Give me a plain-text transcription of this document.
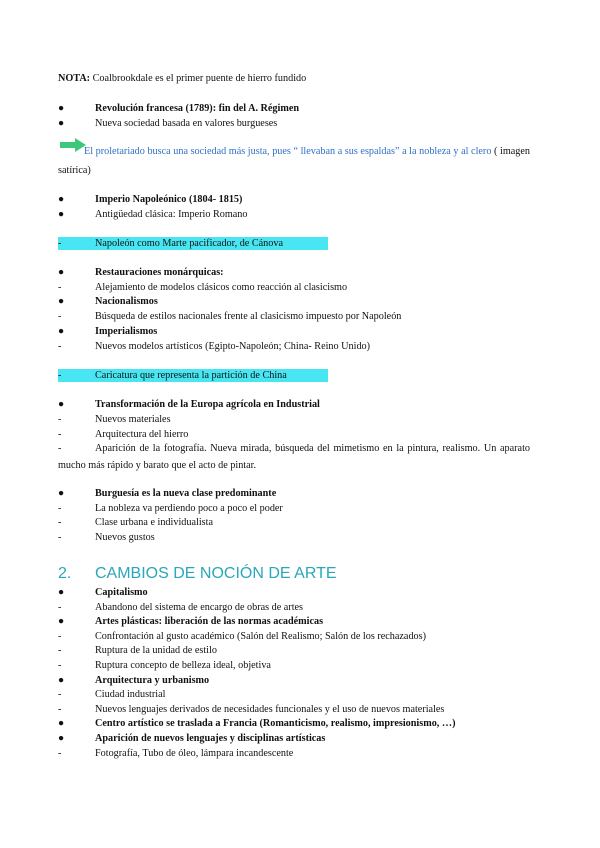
NOTA: Coalbrookdale es el primer puente de hierro fundido
●	Revolución francesa (1789): fin del A. Régimen
●	Nueva sociedad basada en valores burgueses
El proletariado busca una sociedad más justa, pues “ llevaban a sus espaldas” a la nobleza y al clero ( imagen satírica)
●	Imperio Napoleónico (1804- 1815)
●	Antigüedad clásica: Imperio Romano
-	Napoleón como Marte pacificador, de Cánova
●	Restauraciones monárquicas:
-	Alejamiento de modelos clásicos como reacción al clasicismo
●	Nacionalismos
-	Búsqueda de estilos nacionales frente al clasicismo impuesto por Napoleón
●	Imperialismos
-	Nuevos modelos artísticos (Egipto-Napoleón; China- Reino Unido)
-	Caricatura que representa la partición de China
●	Transformación de la Europa agrícola en Industrial
-	Nuevos materiales
-	Arquitectura del hierro
-	Aparición de la fotografía. Nueva mirada, búsqueda del mimetismo en la pintura, realismo. Un aparato mucho más rápido y barato que el acto de pintar.
●	Burguesía es la nueva clase predominante
-	La nobleza va perdiendo poco a poco el poder
-	Clase urbana e individualista
-	Nuevos gustos
2. CAMBIOS DE NOCIÓN DE ARTE
●	Capitalismo
-	Abandono del sistema de encargo de obras de artes
●	Artes plásticas: liberación de las normas académicas
-	Confrontación al gusto académico (Salón del Realismo; Salón de los rechazados)
-	Ruptura de la unidad de estilo
-	Ruptura concepto de belleza ideal, objetiva
●	Arquitectura y urbanismo
-	Ciudad industrial
-	Nuevos lenguajes derivados de necesidades funcionales y el uso de nuevos materiales
●	Centro artístico se traslada a Francia (Romanticismo, realismo, impresionismo, …)
●	Aparición de nuevos lenguajes y disciplinas artísticas
-	Fotografía, Tubo de óleo, lámpara incandescente
